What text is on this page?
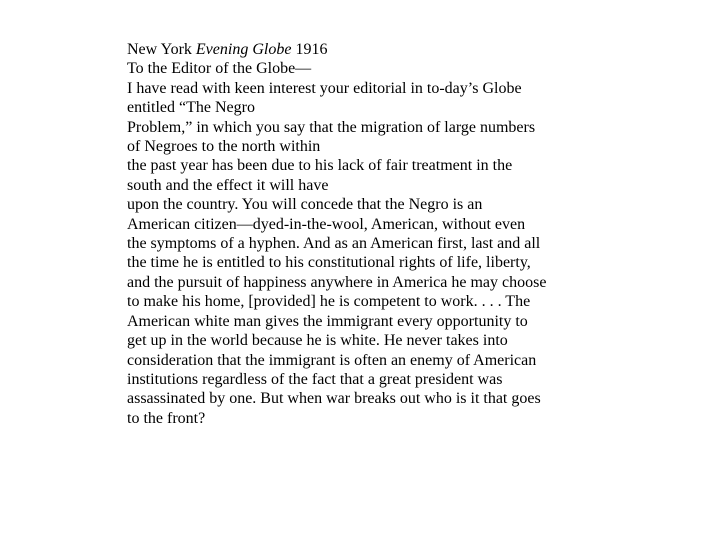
New York Evening Globe 1916
To the Editor of the Globe—
I have read with keen interest your editorial in to-day’s Globe
entitled “The Negro
Problem,” in which you say that the migration of large numbers
of Negroes to the north within
the past year has been due to his lack of fair treatment in the
south and the effect it will have
upon the country. You will concede that the Negro is an
American citizen—dyed-in-the-wool, American, without even
the symptoms of a hyphen. And as an American first, last and all
the time he is entitled to his constitutional rights of life, liberty,
and the pursuit of happiness anywhere in America he may choose
to make his home, [provided] he is competent to work. . . . The
American white man gives the immigrant every opportunity to
get up in the world because he is white. He never takes into
consideration that the immigrant is often an enemy of American
institutions regardless of the fact that a great president was
assassinated by one. But when war breaks out who is it that goes
to the front?
